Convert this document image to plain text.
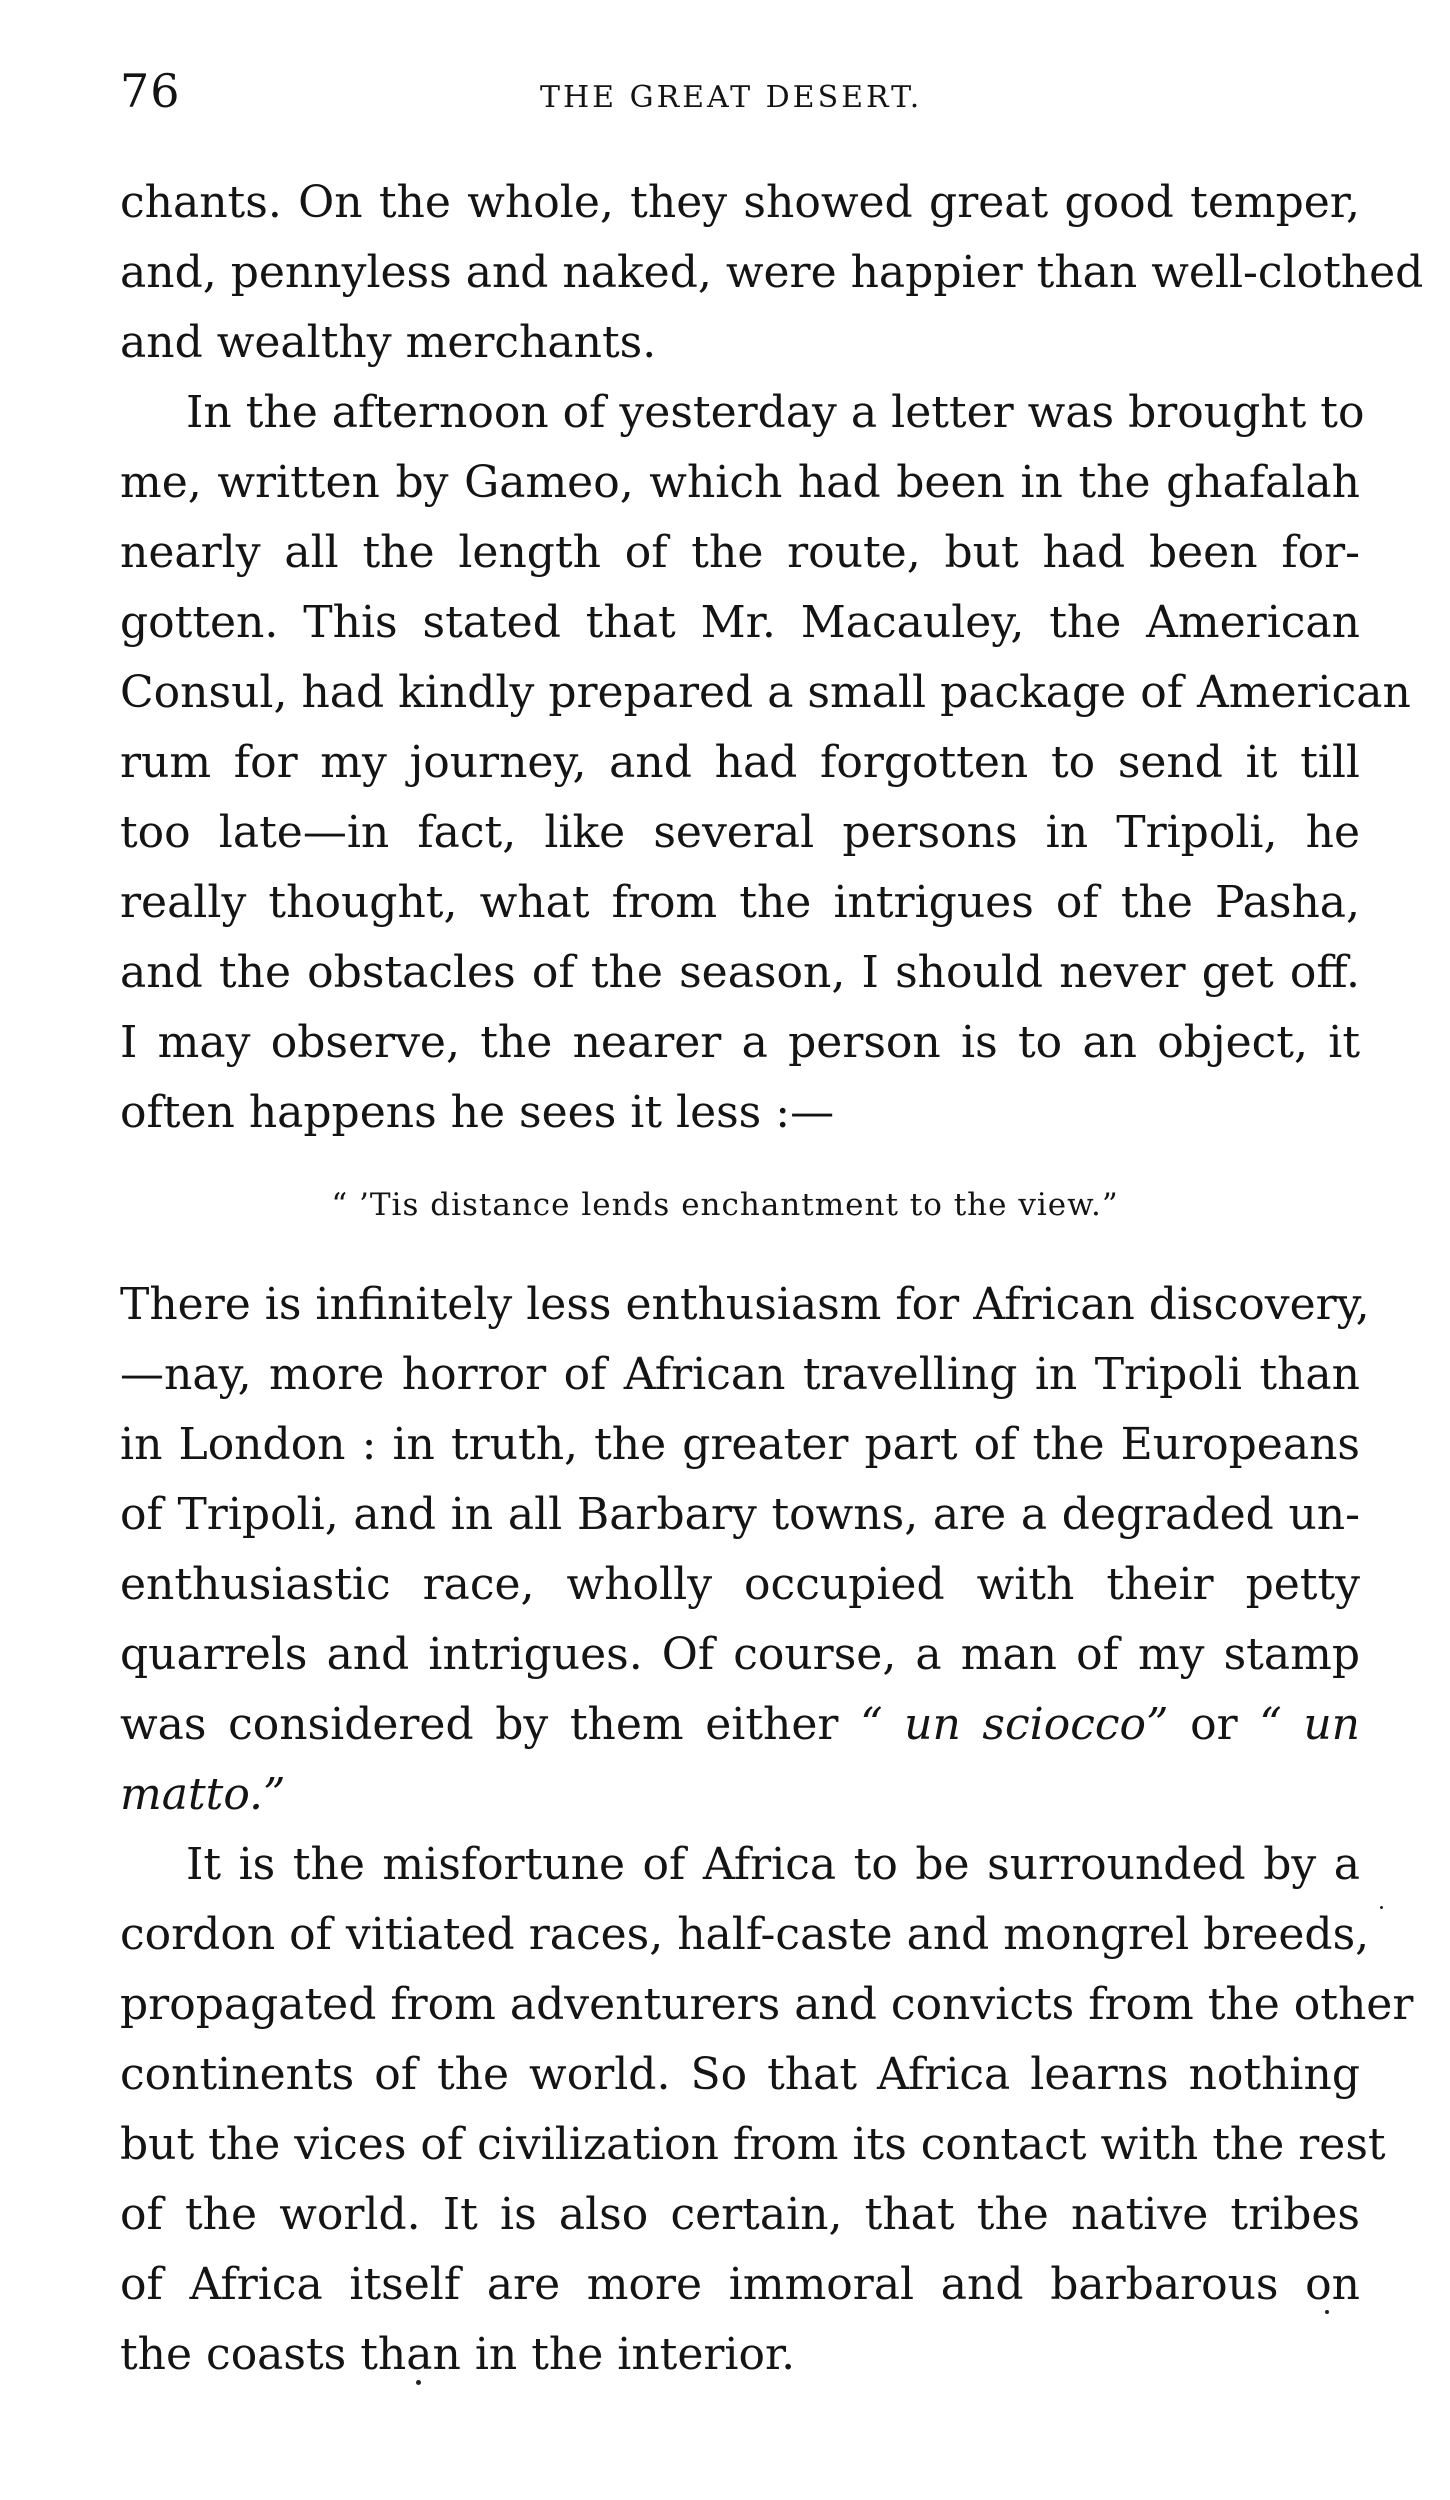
76	THE GREAT DESERT.
chants. On the whole, they showed great good temper,
and, pennyless and naked, were happier than well-clothed
and wealthy merchants.
In the afternoon of yesterday a letter was brought to
me, written by Gameo, which had been in the ghafalah
nearly all the length of the route, but had been for-
gotten. This stated that Mr. Macauley, the American
Consul, had kindly prepared a small package of American
rum for my journey, and had forgotten to send it till
too late—in fact, like several persons in Tripoli, he
really thought, what from the intrigues of the Pasha,
and the obstacles of the season, I should never get off.
I may observe, the nearer a person is to an object, it
often happens he sees it less :—
“ ’Tis distance lends enchantment to the view.”
There is infinitely less enthusiasm for African discovery,
—nay, more horror of African travelling in Tripoli than
in London : in truth, the greater part of the Europeans
of Tripoli, and in all Barbary towns, are a degraded un-
enthusiastic race, wholly occupied with their petty
quarrels and intrigues. Of course, a man of my stamp
was considered by them either “ un sciocco” or “ un
matto.”
It is the misfortune of Africa to be surrounded by a
cordon of vitiated races, half-caste and mongrel breeds,
propagated from adventurers and convicts from the other
continents of the world. So that Africa learns nothing
but the vices of civilization from its contact with the rest
of the world. It is also certain, that the native tribes
of Africa itself are more immoral and barbarous on
the coasts than in the interior.
